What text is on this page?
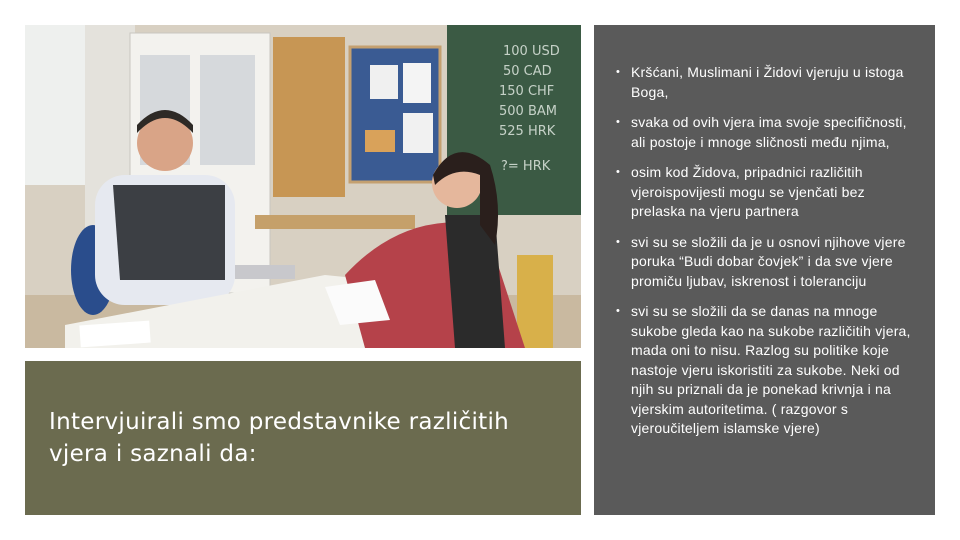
100 USD
50 CAD
150 CHF
500 BAM
525 HRK
?= HRK

Intervjuirali smo predstavnike različitih vjera i saznali da:

• Kršćani, Muslimani i Židovi vjeruju u istoga Boga,
• svaka od ovih vjera ima svoje specifičnosti, ali postoje i mnoge sličnosti među njima,
• osim kod Židova, pripadnici različitih vjeroispovijesti mogu se vjenčati bez prelaska na vjeru partnera
• svi su se složili da je u osnovi njihove vjere poruka “Budi dobar čovjek” i da sve vjere promiču ljubav, iskrenost i toleranciju
• svi su se složili da se danas na mnoge sukobe gleda kao na sukobe različitih vjera, mada oni to nisu. Razlog su politike koje nastoje vjeru iskoristiti za sukobe. Neki od njih su priznali da je ponekad krivnja i na vjerskim autoritetima. ( razgovor s vjeroučiteljem islamske vjere)
